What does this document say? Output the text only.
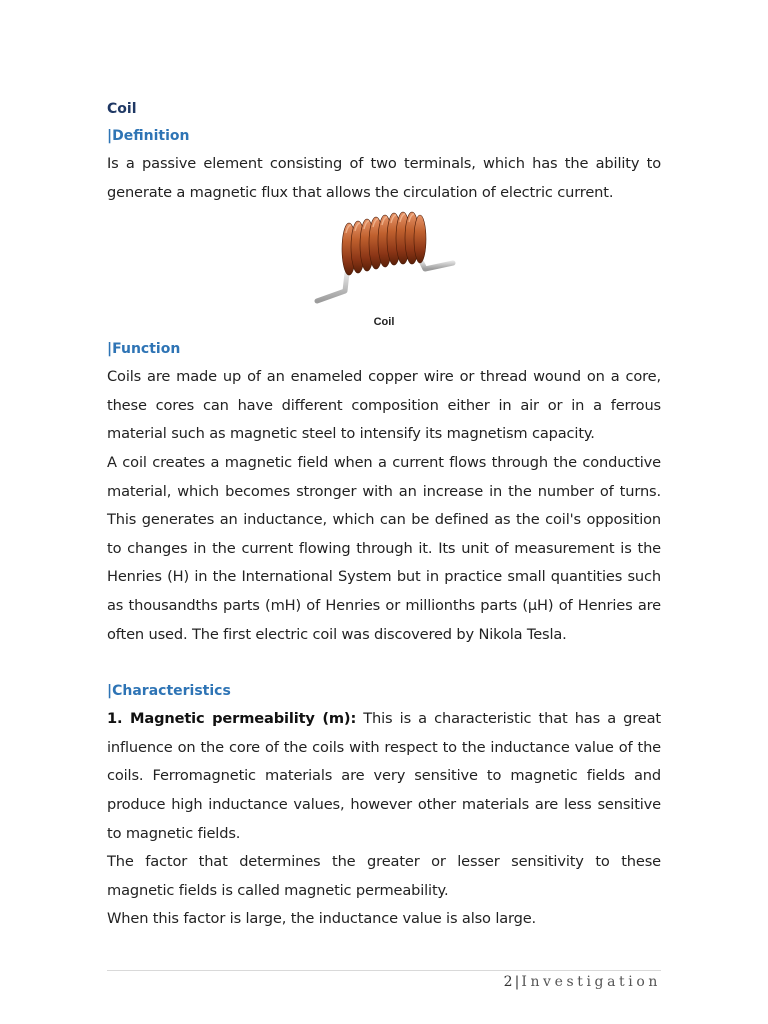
Coil

|Definition

Is a passive element consisting of two terminals, which has the ability to generate a magnetic flux that allows the circulation of electric current.

Coil

|Function

Coils are made up of an enameled copper wire or thread wound on a core, these cores can have different composition either in air or in a ferrous material such as magnetic steel to intensify its magnetism capacity.

A coil creates a magnetic field when a current flows through the conductive material, which becomes stronger with an increase in the number of turns. This generates an inductance, which can be defined as the coil's opposition to changes in the current flowing through it. Its unit of measurement is the Henries (H) in the International System but in practice small quantities such as thousandths parts (mH) of Henries or millionths parts (µH) of Henries are often used. The first electric coil was discovered by Nikola Tesla.

|Characteristics

1. Magnetic permeability (m): This is a characteristic that has a great influence on the core of the coils with respect to the inductance value of the coils. Ferromagnetic materials are very sensitive to magnetic fields and produce high inductance values, however other materials are less sensitive to magnetic fields.

The factor that determines the greater or lesser sensitivity to these magnetic fields is called magnetic permeability.

When this factor is large, the inductance value is also large.

2 | Investigation
